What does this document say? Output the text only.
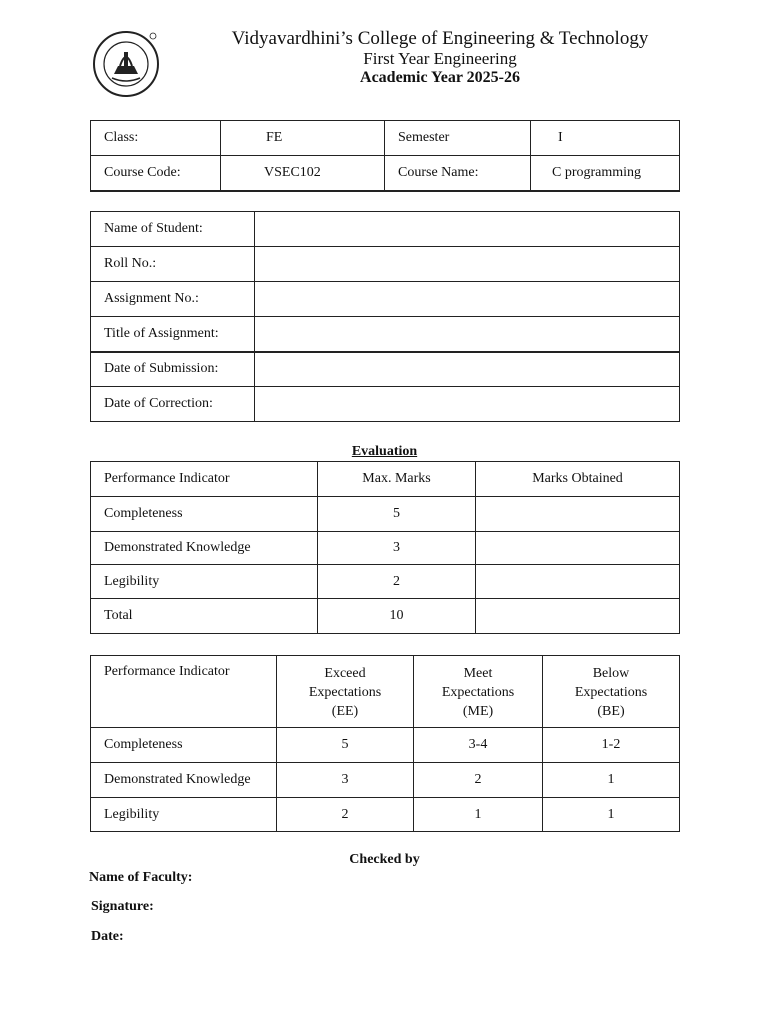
Vidyavardhini’s College of Engineering & Technology
First Year Engineering
Academic Year 2025-26
Class:	FE	Semester	I
Course Code:	VSEC102	Course Name:	C programming
Name of Student:	
Roll No.:	
Assignment No.:	
Title of Assignment:	
Date of Submission:	
Date of Correction:	
Evaluation
Performance Indicator	Max. Marks	Marks Obtained
Completeness	5	
Demonstrated Knowledge	3	
Legibility	2	
Total	10	
Performance Indicator	Exceed Expectations (EE)	Meet Expectations (ME)	Below Expectations (BE)

Completeness	5	3-4	1-2
Demonstrated Knowledge	3	2	1
Legibility	2	1	1
Checked by
Name of Faculty:
Signature:
Date:
